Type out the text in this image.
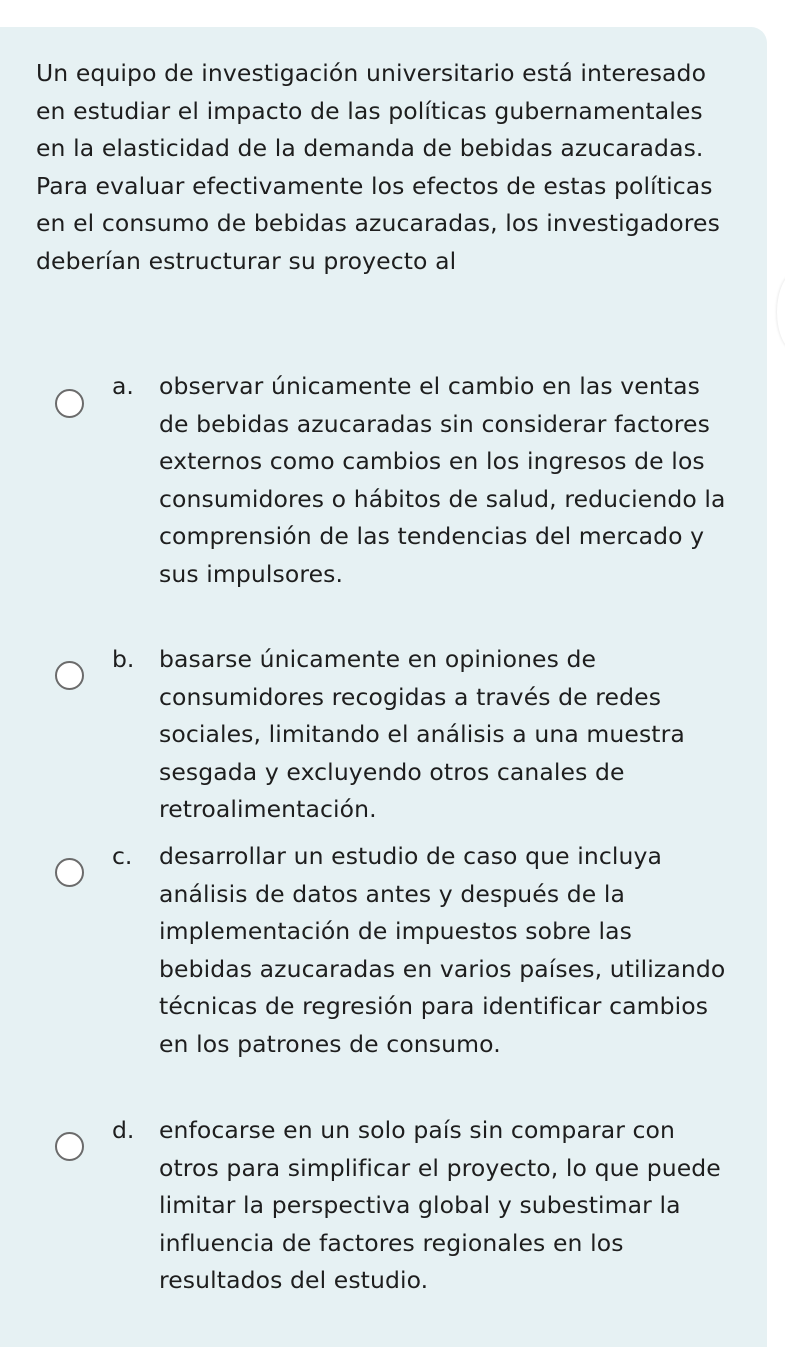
Un equipo de investigación universitario está interesado en estudiar el impacto de las políticas gubernamentales en la elasticidad de la demanda de bebidas azucaradas. Para evaluar efectivamente los efectos de estas políticas en el consumo de bebidas azucaradas, los investigadores deberían estructurar su proyecto al

a. observar únicamente el cambio en las ventas de bebidas azucaradas sin considerar factores externos como cambios en los ingresos de los consumidores o hábitos de salud, reduciendo la comprensión de las tendencias del mercado y sus impulsores.
b. basarse únicamente en opiniones de consumidores recogidas a través de redes sociales, limitando el análisis a una muestra sesgada y excluyendo otros canales de retroalimentación.
c. desarrollar un estudio de caso que incluya análisis de datos antes y después de la implementación de impuestos sobre las bebidas azucaradas en varios países, utilizando técnicas de regresión para identificar cambios en los patrones de consumo.
d. enfocarse en un solo país sin comparar con otros para simplificar el proyecto, lo que puede limitar la perspectiva global y subestimar la influencia de factores regionales en los resultados del estudio.
